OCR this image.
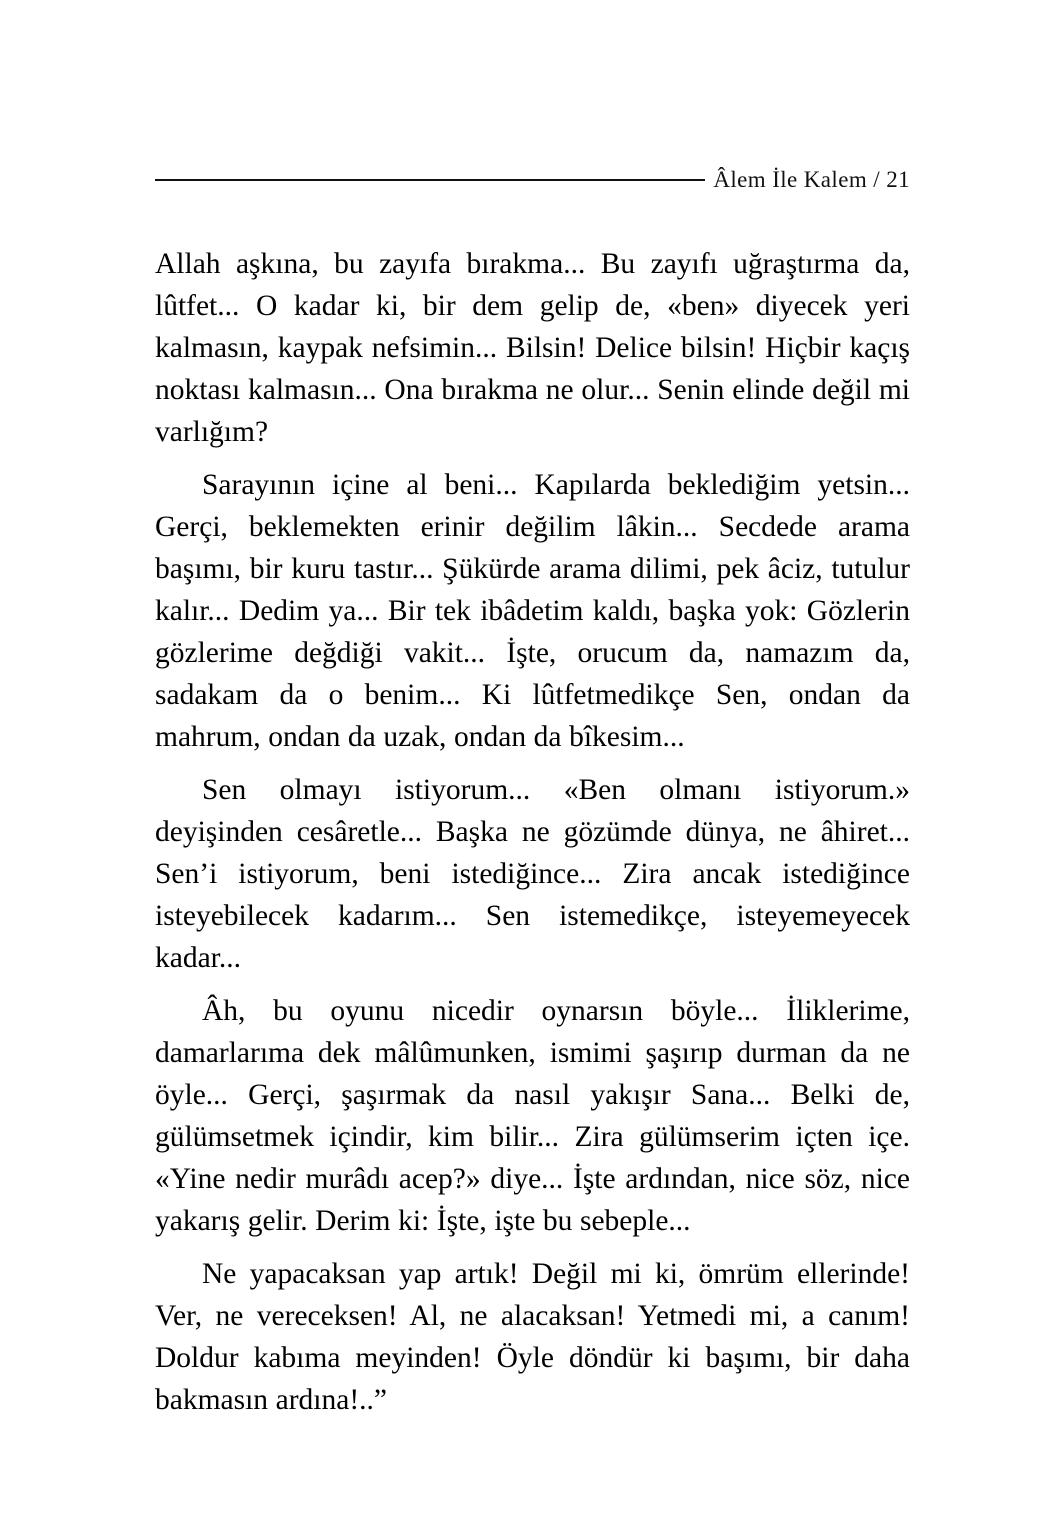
Âlem İle Kalem / 21

Allah aşkına, bu zayıfa bırakma... Bu zayıfı uğraştırma da, lûtfet... O kadar ki, bir dem gelip de, «ben» diyecek yeri kalmasın, kaypak nefsimin... Bilsin! Delice bilsin! Hiçbir kaçış noktası kalmasın... Ona bırakma ne olur... Senin elinde değil mi varlığım?

Sarayının içine al beni... Kapılarda beklediğim yetsin... Gerçi, beklemekten erinir değilim lâkin... Secdede arama başımı, bir kuru tastır... Şükürde arama dilimi, pek âciz, tutulur kalır... Dedim ya... Bir tek ibâdetim kaldı, başka yok: Gözlerin gözlerime değdiği vakit... İşte, orucum da, namazım da, sadakam da o benim... Ki lûtfetmedikçe Sen, ondan da mahrum, ondan da uzak, ondan da bîkesim...

Sen olmayı istiyorum... «Ben olmanı istiyorum.» deyişinden cesâretle... Başka ne gözümde dünya, ne âhiret... Sen’i istiyorum, beni istediğince... Zira ancak istediğince isteyebilecek kadarım... Sen istemedikçe, isteyemeyecek kadar...

Âh, bu oyunu nicedir oynarsın böyle... İliklerime, damarlarıma dek mâlûmunken, ismimi şaşırıp durman da ne öyle... Gerçi, şaşırmak da nasıl yakışır Sana... Belki de, gülümsetmek içindir, kim bilir... Zira gülümserim içten içe. «Yine nedir murâdı acep?» diye... İşte ardından, nice söz, nice yakarış gelir. Derim ki: İşte, işte bu sebeple...

Ne yapacaksan yap artık! Değil mi ki, ömrüm ellerinde! Ver, ne vereceksen! Al, ne alacaksan! Yetmedi mi, a canım! Doldur kabıma meyinden! Öyle döndür ki başımı, bir daha bakmasın ardına!..”
